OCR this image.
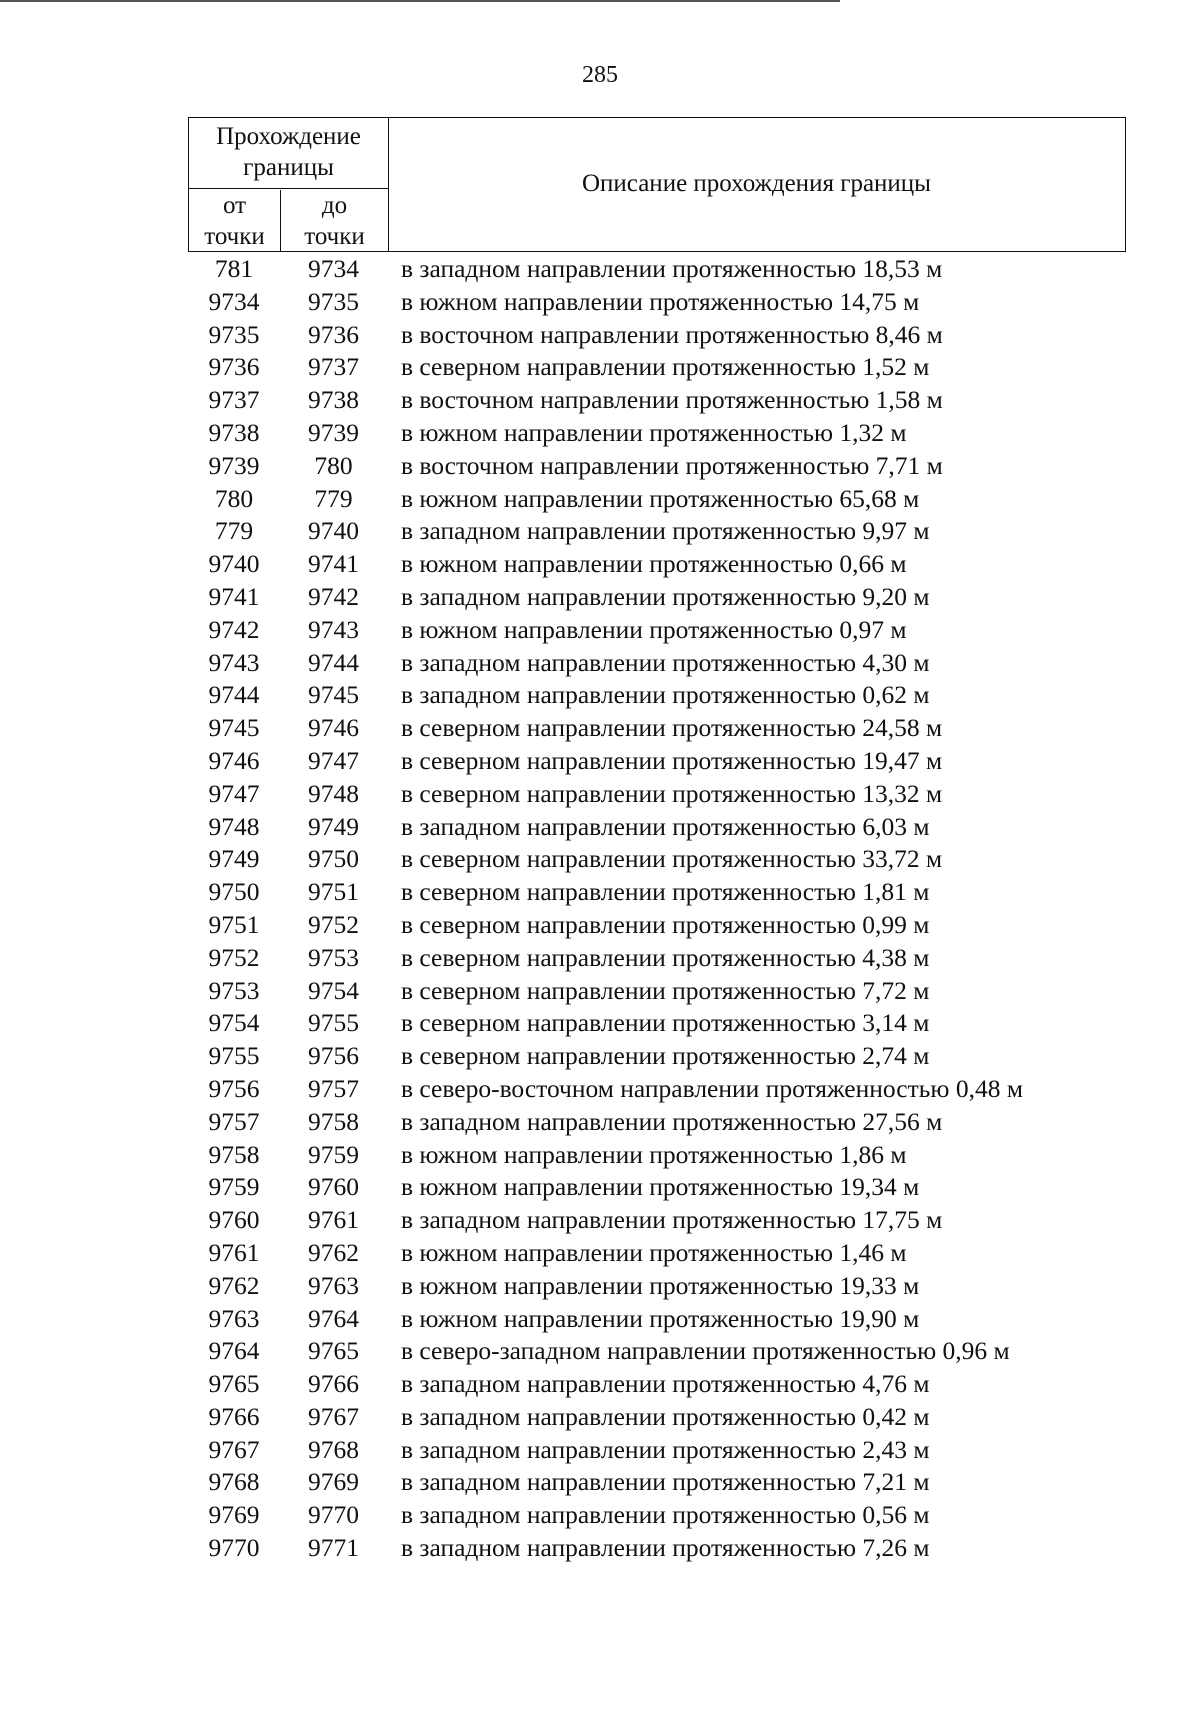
285
Прохождение
границы
от
точки
до
точки
Описание прохождения границы
781	9734	в западном направлении протяженностью 18,53 м
9734	9735	в южном направлении протяженностью 14,75 м
9735	9736	в восточном направлении протяженностью 8,46 м
9736	9737	в северном направлении протяженностью 1,52 м
9737	9738	в восточном направлении протяженностью 1,58 м
9738	9739	в южном направлении протяженностью 1,32 м
9739	780	в восточном направлении протяженностью 7,71 м
780	779	в южном направлении протяженностью 65,68 м
779	9740	в западном направлении протяженностью 9,97 м
9740	9741	в южном направлении протяженностью 0,66 м
9741	9742	в западном направлении протяженностью 9,20 м
9742	9743	в южном направлении протяженностью 0,97 м
9743	9744	в западном направлении протяженностью 4,30 м
9744	9745	в западном направлении протяженностью 0,62 м
9745	9746	в северном направлении протяженностью 24,58 м
9746	9747	в северном направлении протяженностью 19,47 м
9747	9748	в северном направлении протяженностью 13,32 м
9748	9749	в западном направлении протяженностью 6,03 м
9749	9750	в северном направлении протяженностью 33,72 м
9750	9751	в северном направлении протяженностью 1,81 м
9751	9752	в северном направлении протяженностью 0,99 м
9752	9753	в северном направлении протяженностью 4,38 м
9753	9754	в северном направлении протяженностью 7,72 м
9754	9755	в северном направлении протяженностью 3,14 м
9755	9756	в северном направлении протяженностью 2,74 м
9756	9757	в северо-восточном направлении протяженностью 0,48 м
9757	9758	в западном направлении протяженностью 27,56 м
9758	9759	в южном направлении протяженностью 1,86 м
9759	9760	в южном направлении протяженностью 19,34 м
9760	9761	в западном направлении протяженностью 17,75 м
9761	9762	в южном направлении протяженностью 1,46 м
9762	9763	в южном направлении протяженностью 19,33 м
9763	9764	в южном направлении протяженностью 19,90 м
9764	9765	в северо-западном направлении протяженностью 0,96 м
9765	9766	в западном направлении протяженностью 4,76 м
9766	9767	в западном направлении протяженностью 0,42 м
9767	9768	в западном направлении протяженностью 2,43 м
9768	9769	в западном направлении протяженностью 7,21 м
9769	9770	в западном направлении протяженностью 0,56 м
9770	9771	в западном направлении протяженностью 7,26 м
